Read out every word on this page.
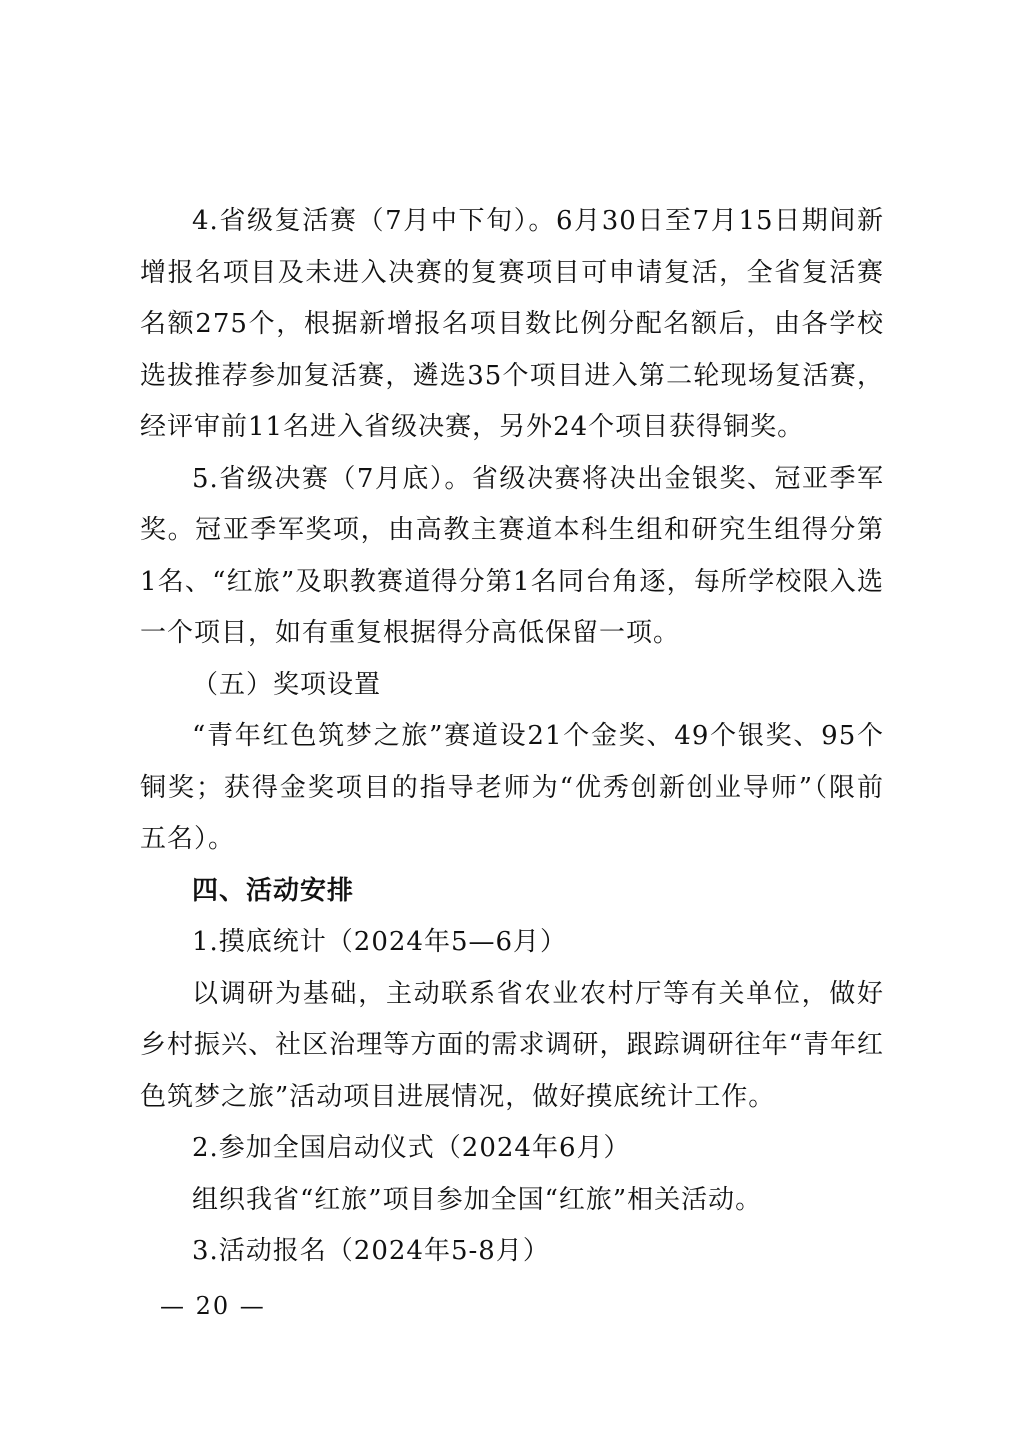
4.省级复活赛（7月中下旬）。6月30日至7月15日期间新增报名项目及未进入决赛的复赛项目可申请复活，全省复活赛名额275个，根据新增报名项目数比例分配名额后，由各学校选拔推荐参加复活赛，遴选35个项目进入第二轮现场复活赛，经评审前11名进入省级决赛，另外24个项目获得铜奖。

5.省级决赛（7月底）。省级决赛将决出金银奖、冠亚季军奖。冠亚季军奖项，由高教主赛道本科生组和研究生组得分第1名、“红旅”及职教赛道得分第1名同台角逐，每所学校限入选一个项目，如有重复根据得分高低保留一项。

（五）奖项设置

“青年红色筑梦之旅”赛道设21个金奖、49个银奖、95个铜奖；获得金奖项目的指导老师为“优秀创新创业导师”（限前五名）。

四、活动安排

1.摸底统计（2024年5—6月）

以调研为基础，主动联系省农业农村厅等有关单位，做好乡村振兴、社区治理等方面的需求调研，跟踪调研往年“青年红色筑梦之旅”活动项目进展情况，做好摸底统计工作。

2.参加全国启动仪式（2024年6月）

组织我省“红旅”项目参加全国“红旅”相关活动。

3.活动报名（2024年5-8月）

— 20 —
